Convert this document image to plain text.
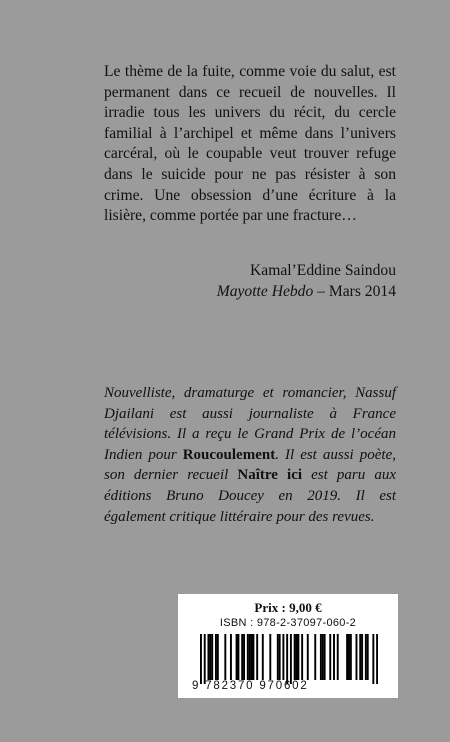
Le thème de la fuite, comme voie du salut, est permanent dans ce recueil de nouvelles. Il irradie tous les univers du récit, du cercle familial à l’archipel et même dans l’univers carcéral, où le coupable veut trouver refuge dans le suicide pour ne pas résister à son crime. Une obsession d’une écriture à la lisière, comme portée par une fracture…

Kamal’Eddine Saindou
Mayotte Hebdo – Mars 2014

Nouvelliste, dramaturge et romancier, Nassuf Djailani est aussi journaliste à France télévisions. Il a reçu le Grand Prix de l’océan Indien pour Roucoulement. Il est aussi poète, son dernier recueil Naître ici est paru aux éditions Bruno Doucey en 2019. Il est également critique littéraire pour des revues.

Prix : 9,00 €
ISBN : 978-2-37097-060-2
9 782370 970602
